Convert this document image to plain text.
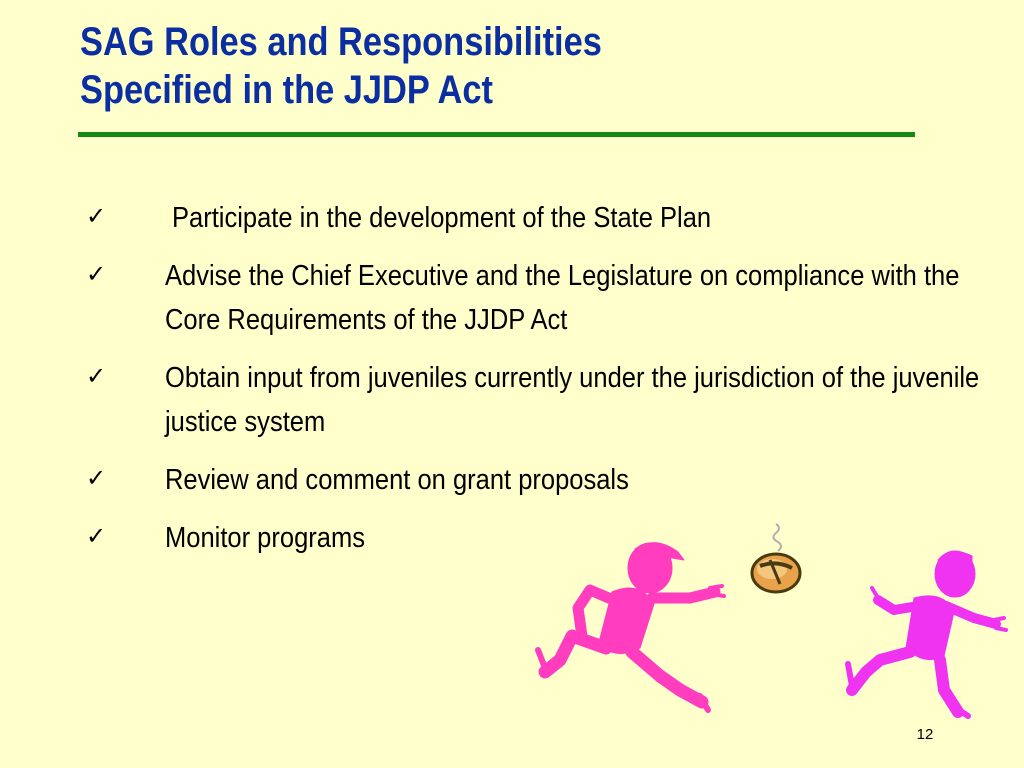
SAG Roles and Responsibilities
Specified in the JJDP Act
✓	Participate in the development of the State Plan
✓	Advise the Chief Executive and the Legislature on compliance with the Core Requirements of the JJDP Act
✓	Obtain input from juveniles currently under the jurisdiction of the juvenile justice system
✓	Review and comment on grant proposals
✓	Monitor programs
12
